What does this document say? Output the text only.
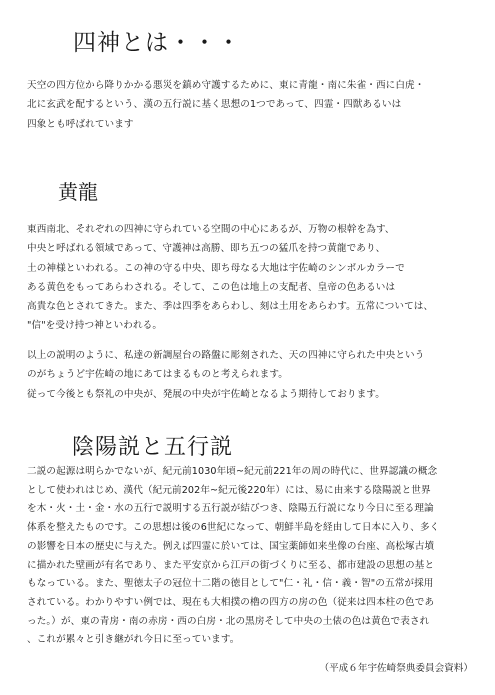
四神とは・・・

天空の四方位から降りかかる悪災を鎮め守護するために、東に青龍・南に朱雀・西に白虎・
北に玄武を配するという、漢の五行説に基く思想の1つであって、四霊・四獣あるいは
四象とも呼ばれています

黄龍

東西南北、それぞれの四神に守られている空間の中心にあるが、万物の根幹を為す、
中央と呼ばれる領域であって、守護神は高勝、即ち五つの猛爪を持つ黄龍であり、
土の神様といわれる。この神の守る中央、即ち母なる大地は宇佐崎のシンボルカラーで
ある黄色をもってあらわされる。そして、この色は地上の支配者、皇帝の色あるいは
高貴な色とされてきた。また、季は四季をあらわし、刻は土用をあらわす。五常については、
"信"を受け持つ神といわれる。

以上の説明のように、私達の新調屋台の路盤に彫刻された、天の四神に守られた中央という
のがちょうど宇佐崎の地にあてはまるものと考えられます。
従って今後とも祭礼の中央が、発展の中央が宇佐崎となるよう期待しております。

陰陽説と五行説

二説の起源は明らかでないが、紀元前1030年頃~紀元前221年の周の時代に、世界認識の概念
として使われはじめ、漢代（紀元前202年~紀元後220年）には、易に由来する陰陽説と世界
を木・火・土・金・水の五行で説明する五行説が結びつき、陰陽五行説になり今日に至る理論
体系を整えたものです。この思想は後の6世紀になって、朝鮮半島を経由して日本に入り、多く
の影響を日本の歴史に与えた。例えば四霊に於いては、国宝薬師如来坐像の台座、高松塚古墳
に描かれた壁画が有名であり、また平安京から江戸の街づくりに至る、都市建設の思想の基と
もなっている。また、聖徳太子の冠位十二階の徳目として"仁・礼・信・義・智"の五常が採用
されている。わかりやすい例では、現在も大相撲の櫓の四方の房の色（従来は四本柱の色であ
った。）が、東の青房・南の赤房・西の白房・北の黒房そして中央の土俵の色は黄色で表され
、これが累々と引き継がれ今日に至っています。

（平成６年宇佐崎祭典委員会資料）
